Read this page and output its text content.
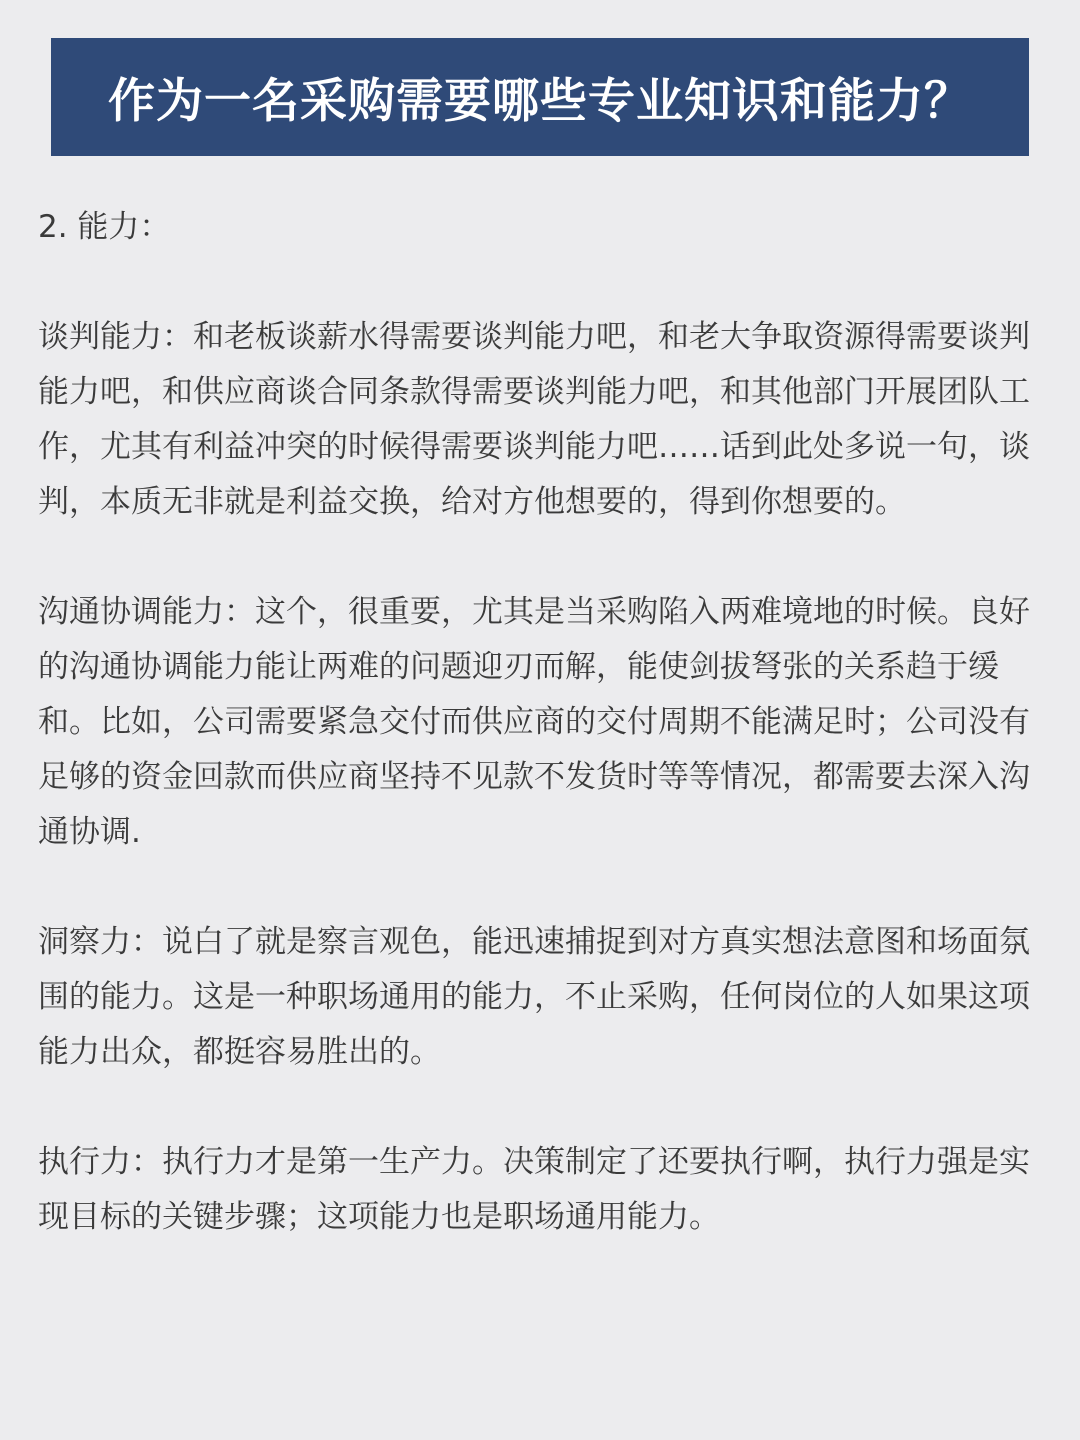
作为一名采购需要哪些专业知识和能力？
2. 能力：
谈判能力：和老板谈薪水得需要谈判能力吧，和老大争取资源得需要谈判能力吧，和供应商谈合同条款得需要谈判能力吧，和其他部门开展团队工作，尤其有利益冲突的时候得需要谈判能力吧……话到此处多说一句，谈判，本质无非就是利益交换，给对方他想要的，得到你想要的。
沟通协调能力：这个，很重要，尤其是当采购陷入两难境地的时候。良好的沟通协调能力能让两难的问题迎刃而解，能使剑拔弩张的关系趋于缓和。比如，公司需要紧急交付而供应商的交付周期不能满足时；公司没有足够的资金回款而供应商坚持不见款不发货时等等情况，都需要去深入沟通协调.
洞察力：说白了就是察言观色，能迅速捕捉到对方真实想法意图和场面氛围的能力。这是一种职场通用的能力，不止采购，任何岗位的人如果这项能力出众，都挺容易胜出的。
执行力：执行力才是第一生产力。决策制定了还要执行啊，执行力强是实现目标的关键步骤；这项能力也是职场通用能力。
